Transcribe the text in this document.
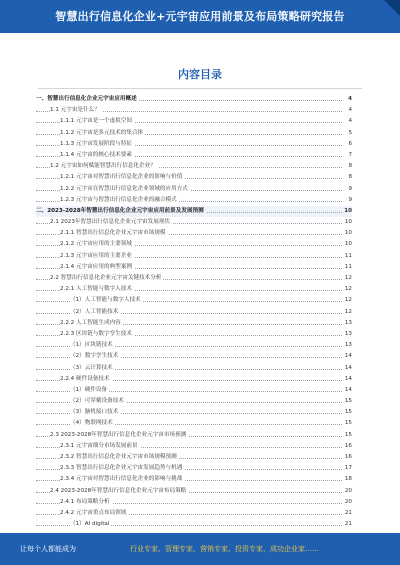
智慧出行信息化企业+元宇宙应用前景及布局策略研究报告
内容目录
一、智慧出行信息化企业元宇宙应用概述	4
1.1 元宇宙是什么？	4
1.1.1 元宇宙是一个虚拟空间	4
1.1.2 元宇宙是多元技术的集合体	5
1.1.3 元宇宙发展阶段与特征	6
1.1.4 元宇宙的核心技术要素	7
1.2 元宇宙如何赋能智慧出行信息化企业？	8
1.2.1 元宇宙对智慧出行信息化企业的影响与价值	8
1.2.2 元宇宙在智慧出行信息化企业领域的应用方式	9
1.2.3 元宇宙与智慧出行信息化企业的融合模式	9
二、2023-2028年智慧出行信息化企业元宇宙应用前景及发展预测	10
2.1 2023年智慧出行信息化企业元宇宙发展现状	10
2.1.1 智慧出行信息化企业元宇宙市场规模	10
2.1.2 元宇宙应用的主要领域	10
2.1.3 元宇宙应用的主要企业	11
2.1.4 元宇宙应用的典型案例	11
2.2 智慧出行信息化企业元宇宙关键技术分析	12
2.2.1 人工智能与数字人技术	12
（1）人工智能与数字人技术	12
（2）人工智能技术	12
2.2.2 人工智能生成内容	13
2.2.3 区块链与数字孪生技术	13
（1）区块链技术	13
（2）数字孪生技术	14
（3）云计算技术	14
2.2.4 硬件设备技术	14
（1）硬件设备	14
（2）可穿戴设备技术	15
（3）脑机接口技术	15
（4）物联网技术	15
2.3 2023-2028年智慧出行信息化企业元宇宙市场预测	15
2.3.1 元宇宙细分市场发展前景	16
2.3.2 智慧出行信息化企业元宇宙市场规模预测	16
2.3.3 智慧出行信息化企业元宇宙发展趋势与机遇	17
2.3.4 元宇宙对智慧出行信息化企业的影响与挑战	18
2.4 2023-2028年智慧出行信息化企业元宇宙布局策略	20
2.4.1 布局策略分析	20
2.4.2 元宇宙重点布局领域	21
（1）AI digital	21
让每个人都能成为	行业专家、管理专家、营销专家、投资专家、成功企业家……
